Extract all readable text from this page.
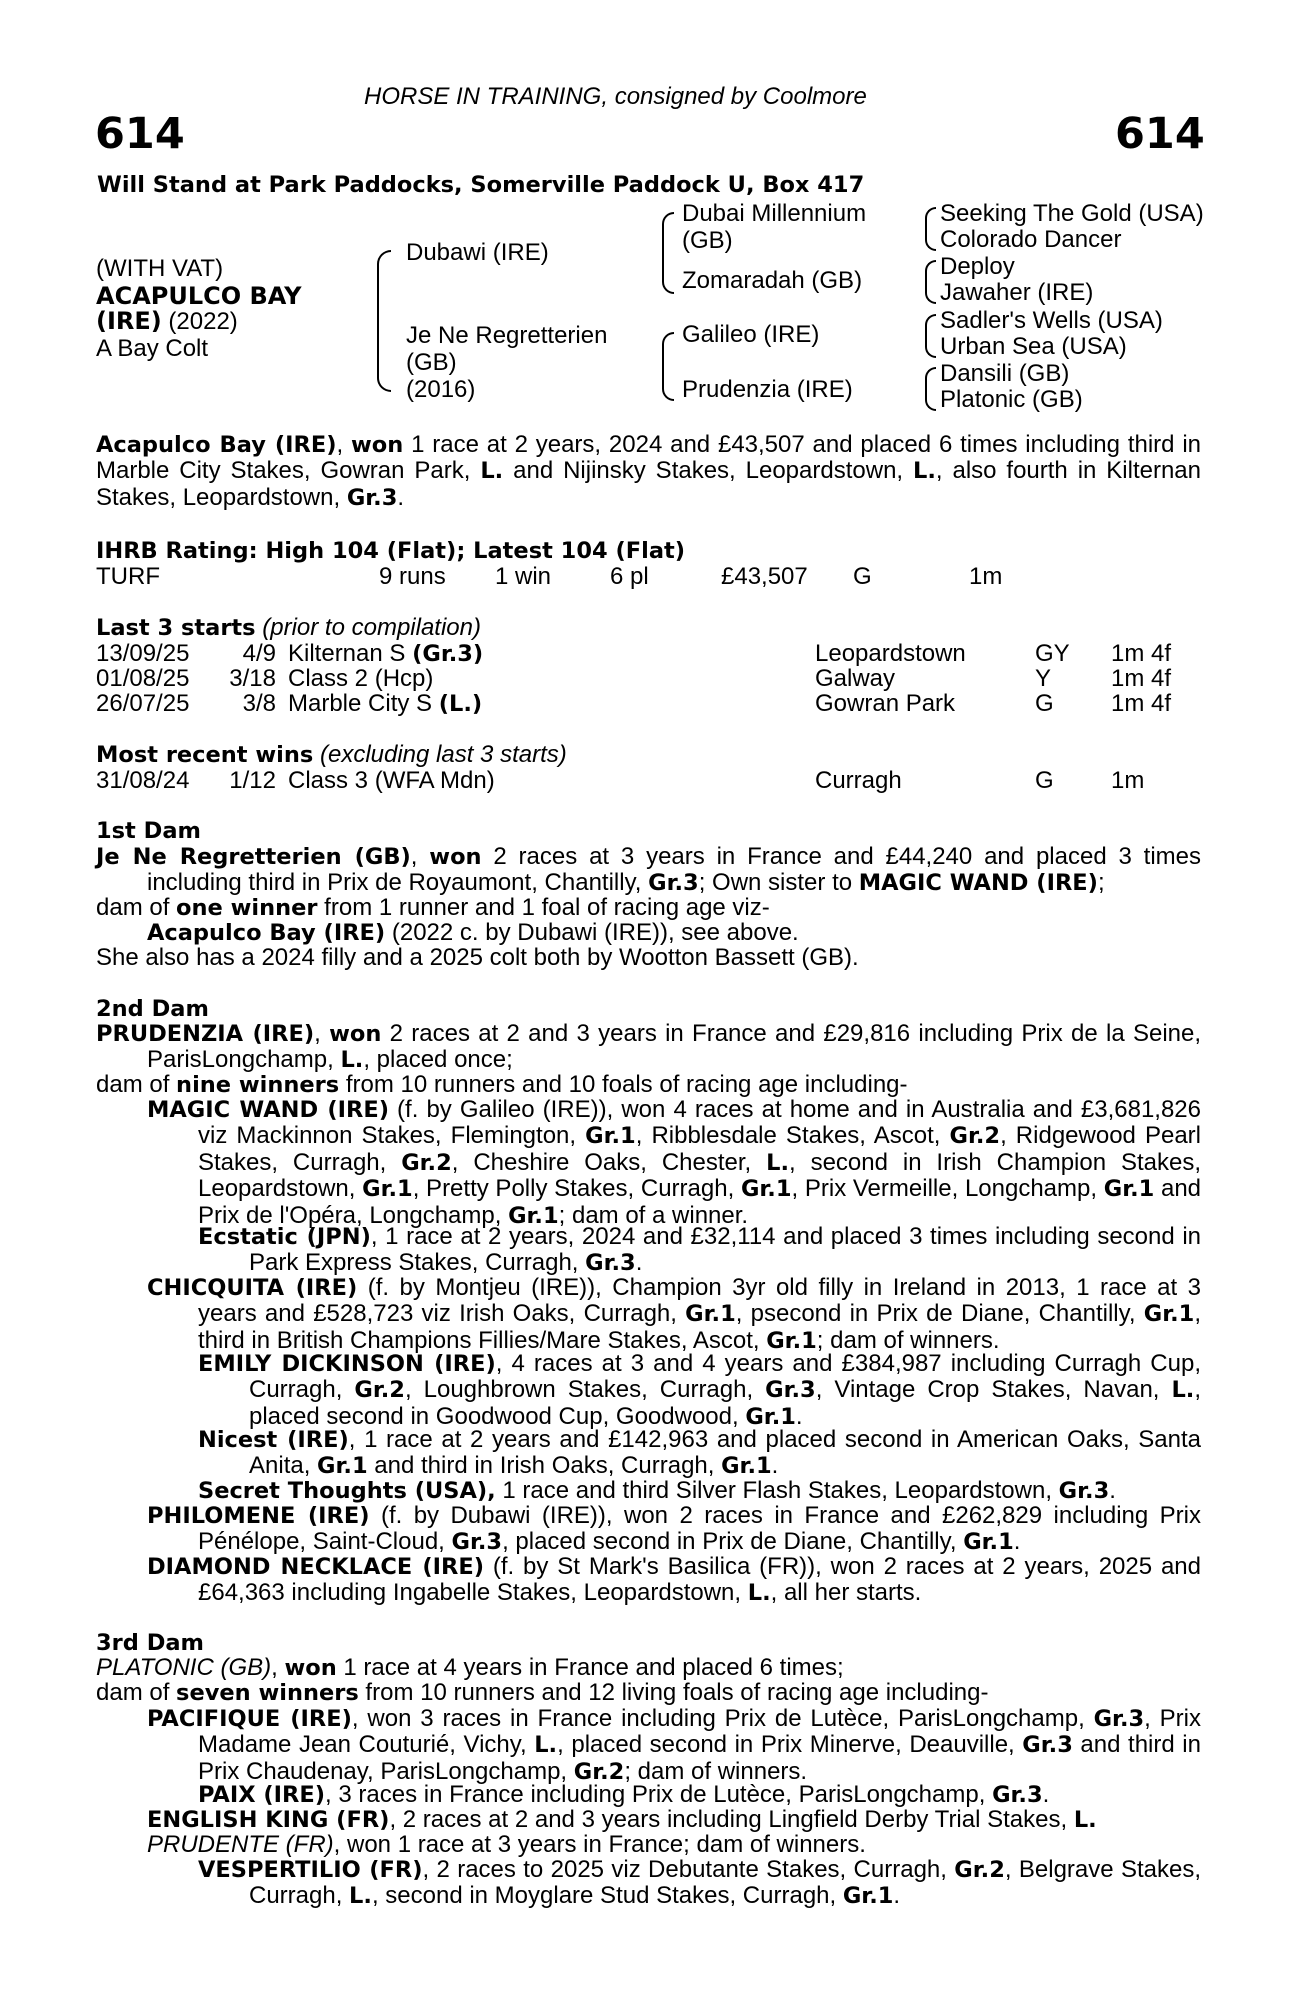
HORSE IN TRAINING, consigned by Coolmore
614	614
Will Stand at Park Paddocks, Somerville Paddock U, Box 417
(WITH VAT)
ACAPULCO BAY
(IRE) (2022)
A Bay Colt
Dubawi (IRE)
Je Ne Regretterien
(GB)
(2016)
Dubai Millennium
(GB)
Zomaradah (GB)
Galileo (IRE)
Prudenzia (IRE)
Seeking The Gold (USA)
Colorado Dancer
Deploy
Jawaher (IRE)
Sadler's Wells (USA)
Urban Sea (USA)
Dansili (GB)
Platonic (GB)

Acapulco Bay (IRE), won 1 race at 2 years, 2024 and £43,507 and placed 6 times including third in Marble City Stakes, Gowran Park, L. and Nijinsky Stakes, Leopardstown, L., also fourth in Kilternan Stakes, Leopardstown, Gr.3.

IHRB Rating: High 104 (Flat); Latest 104 (Flat)
TURF	9 runs 1 win 6 pl	£43,507 G	1m
Last 3 starts (prior to compilation)
13/09/25	4/9 Kilternan S (Gr.3)	Leopardstown	GY 1m 4f
01/08/25	3/18 Class 2 (Hcp)	Galway	Y 1m 4f
26/07/25	3/8 Marble City S (L.)	Gowran Park	G 1m 4f
Most recent wins (excluding last 3 starts)
31/08/24	1/12 Class 3 (WFA Mdn)	Curragh	G 1m
1st Dam

Je Ne Regretterien (GB), won 2 races at 3 years in France and £44,240 and placed 3 times including third in Prix de Royaumont, Chantilly, Gr.3; Own sister to MAGIC WAND (IRE);

dam of one winner from 1 runner and 1 foal of racing age viz-
Acapulco Bay (IRE) (2022 c. by Dubawi (IRE)), see above.
She also has a 2024 filly and a 2025 colt both by Wootton Bassett (GB).
2nd Dam

PRUDENZIA (IRE), won 2 races at 2 and 3 years in France and £29,816 including Prix de la Seine, ParisLongchamp, L., placed once;

dam of nine winners from 10 runners and 10 foals of racing age including-

MAGIC WAND (IRE) (f. by Galileo (IRE)), won 4 races at home and in Australia and £3,681,826 viz Mackinnon Stakes, Flemington, Gr.1, Ribblesdale Stakes, Ascot, Gr.2, Ridgewood Pearl Stakes, Curragh, Gr.2, Cheshire Oaks, Chester, L., second in Irish Champion Stakes, Leopardstown, Gr.1, Pretty Polly Stakes, Curragh, Gr.1, Prix Vermeille, Longchamp, Gr.1 and Prix de l'Opéra, Longchamp, Gr.1; dam of a winner.

Ecstatic (JPN), 1 race at 2 years, 2024 and £32,114 and placed 3 times including second in Park Express Stakes, Curragh, Gr.3.

CHICQUITA (IRE) (f. by Montjeu (IRE)), Champion 3yr old filly in Ireland in 2013, 1 race at 3 years and £528,723 viz Irish Oaks, Curragh, Gr.1, psecond in Prix de Diane, Chantilly, Gr.1, third in British Champions Fillies/Mare Stakes, Ascot, Gr.1; dam of winners.

EMILY DICKINSON (IRE), 4 races at 3 and 4 years and £384,987 including Curragh Cup, Curragh, Gr.2, Loughbrown Stakes, Curragh, Gr.3, Vintage Crop Stakes, Navan, L., placed second in Goodwood Cup, Goodwood, Gr.1.

Nicest (IRE), 1 race at 2 years and £142,963 and placed second in American Oaks, Santa Anita, Gr.1 and third in Irish Oaks, Curragh, Gr.1.

Secret Thoughts (USA), 1 race and third Silver Flash Stakes, Leopardstown, Gr.3.

PHILOMENE (IRE) (f. by Dubawi (IRE)), won 2 races in France and £262,829 including Prix Pénélope, Saint-Cloud, Gr.3, placed second in Prix de Diane, Chantilly, Gr.1.

DIAMOND NECKLACE (IRE) (f. by St Mark's Basilica (FR)), won 2 races at 2 years, 2025 and £64,363 including Ingabelle Stakes, Leopardstown, L., all her starts.

3rd Dam
PLATONIC (GB), won 1 race at 4 years in France and placed 6 times;
dam of seven winners from 10 runners and 12 living foals of racing age including-

PACIFIQUE (IRE), won 3 races in France including Prix de Lutèce, ParisLongchamp, Gr.3, Prix Madame Jean Couturié, Vichy, L., placed second in Prix Minerve, Deauville, Gr.3 and third in Prix Chaudenay, ParisLongchamp, Gr.2; dam of winners.

PAIX (IRE), 3 races in France including Prix de Lutèce, ParisLongchamp, Gr.3.
ENGLISH KING (FR), 2 races at 2 and 3 years including Lingfield Derby Trial Stakes, L.
PRUDENTE (FR), won 1 race at 3 years in France; dam of winners.

VESPERTILIO (FR), 2 races to 2025 viz Debutante Stakes, Curragh, Gr.2, Belgrave Stakes, Curragh, L., second in Moyglare Stud Stakes, Curragh, Gr.1.
